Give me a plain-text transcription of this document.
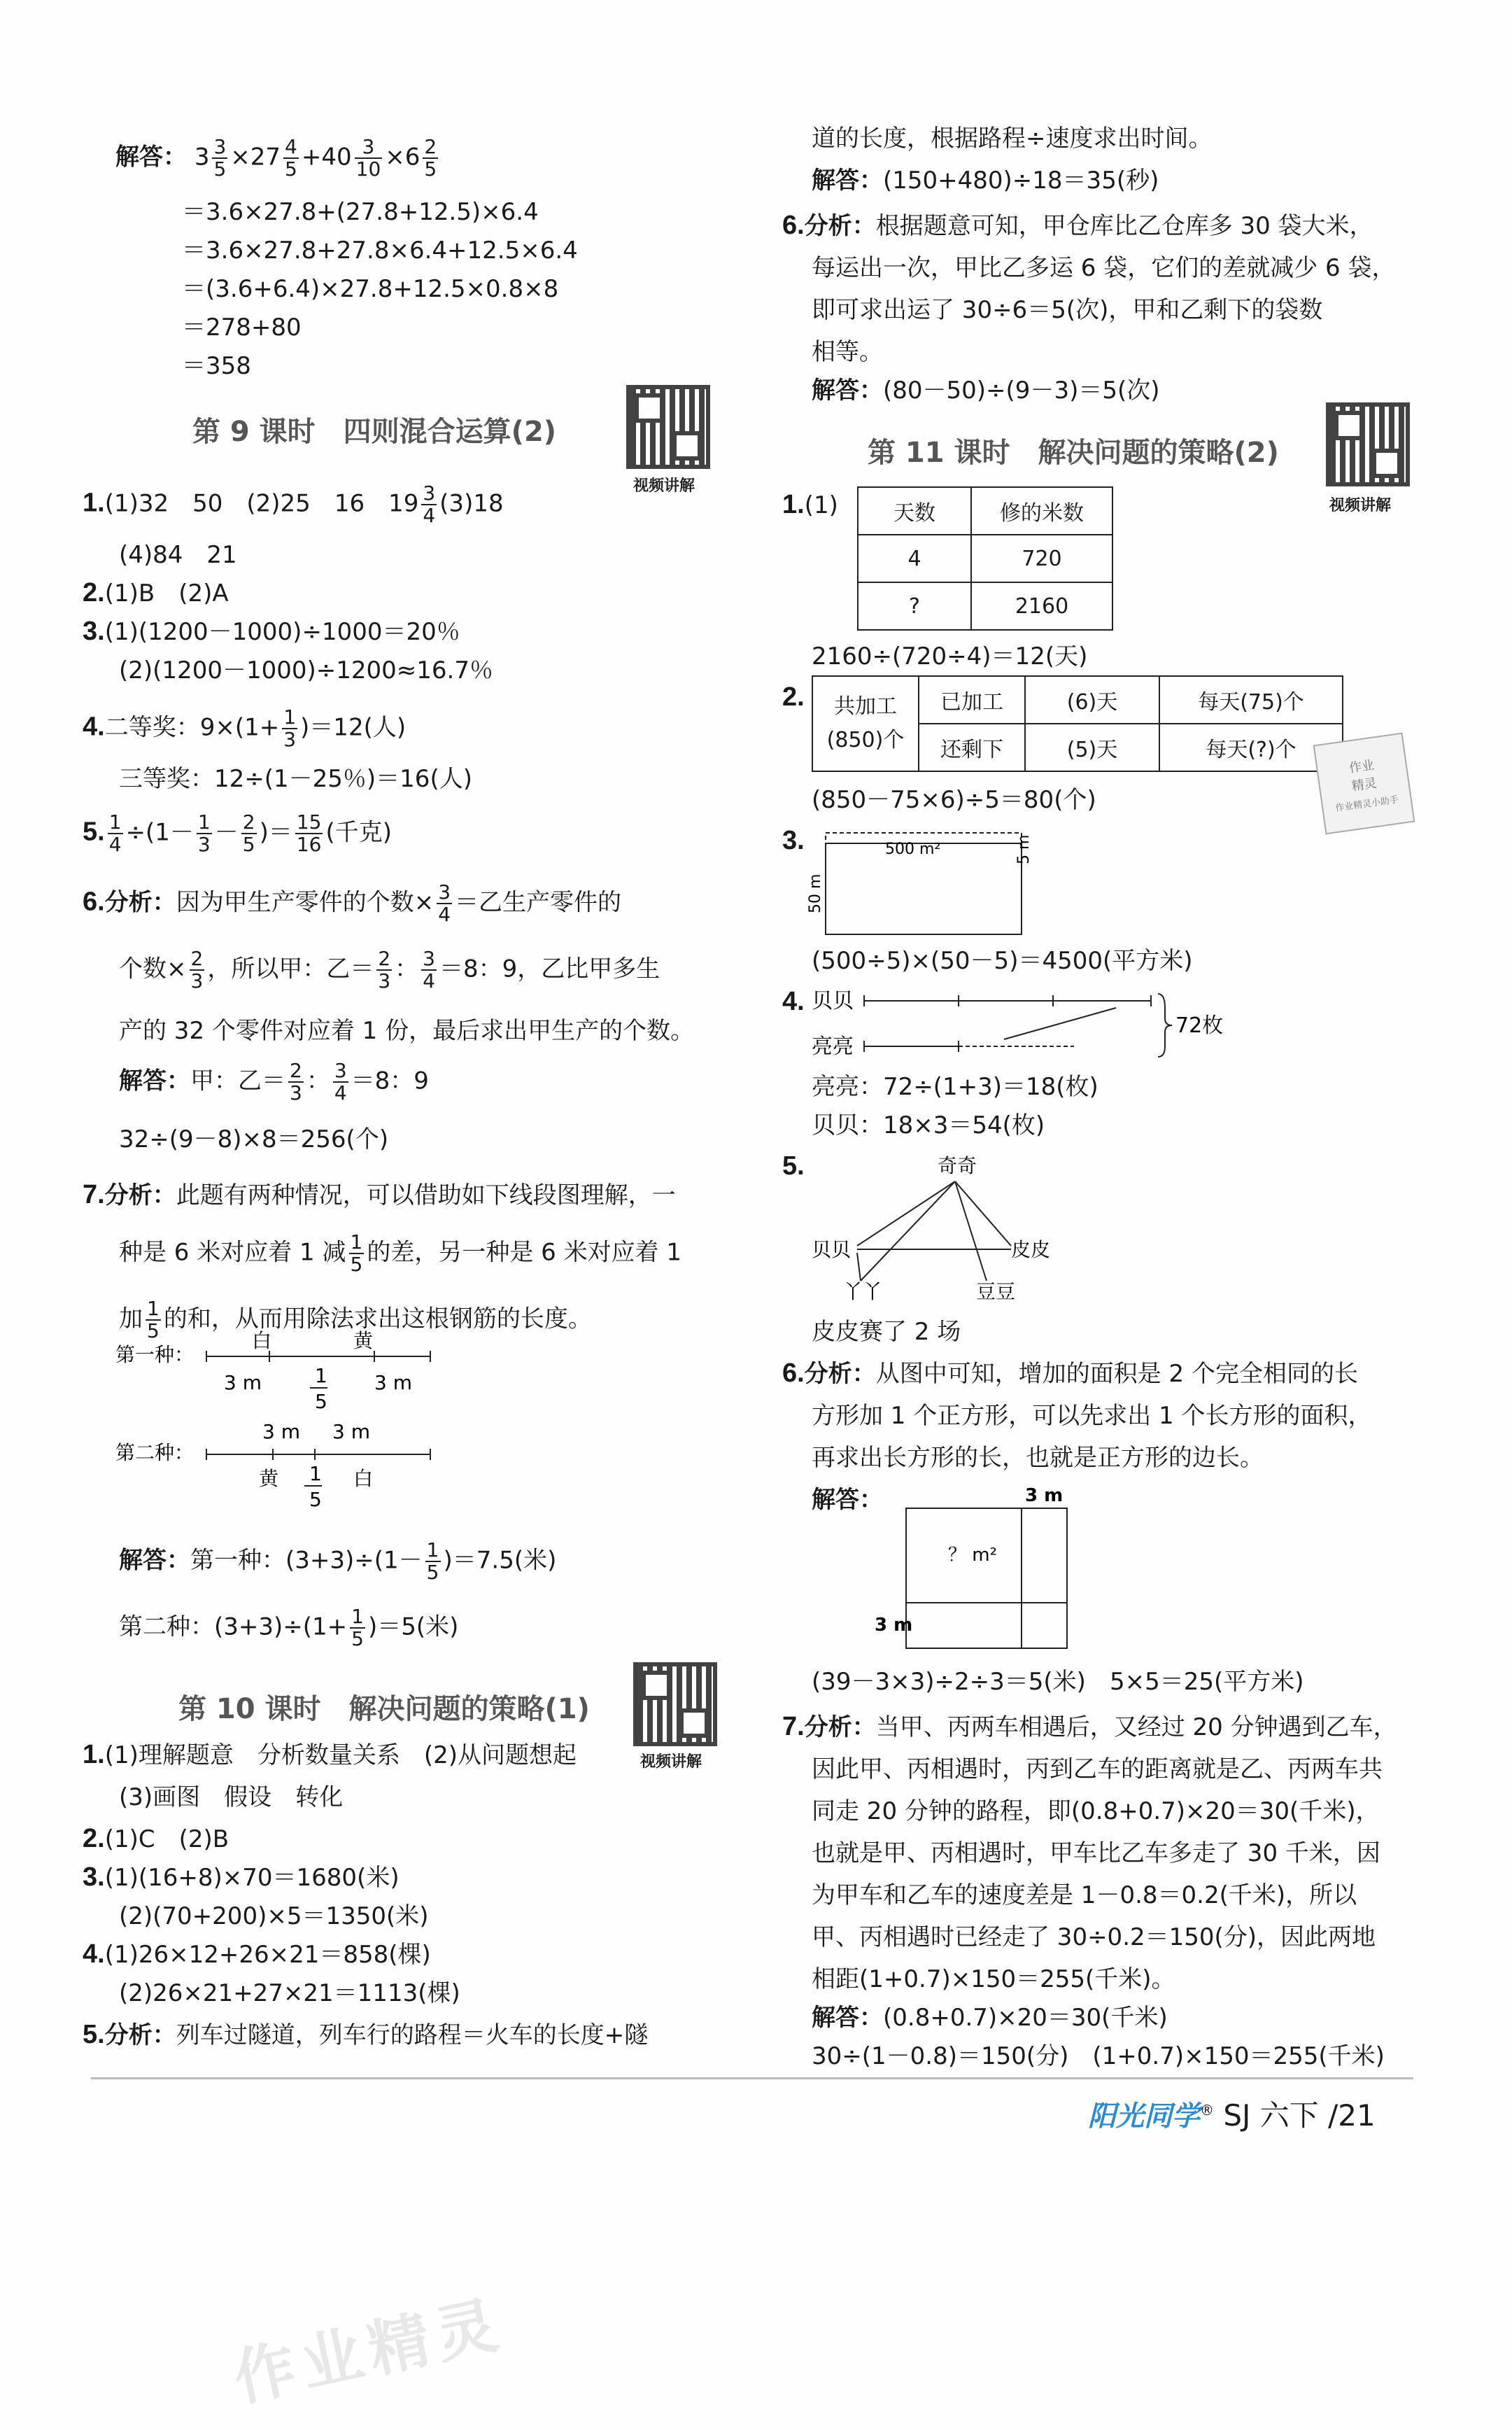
解答： $3 \frac{3}{5} \times 27 \frac{4}{5} +40 \frac{3}{10} \times 6 \frac{2}{5}$
＝3.6×27.8+(27.8+12.5)×6.4
＝3.6×27.8+27.8×6.4+12.5×6.4
＝(3.6+6.4)×27.8+12.5×0.8×8
＝278+80
＝358
第 9 课时　四则混合运算(2)
视频讲解
1.(1)32　50　(2)25　16　$19 \frac{3}{4} (3)18$
(4)84　21
2.(1)B　(2)A
3.(1)(1200－1000)÷1000＝20％
(2)(1200－1000)÷1200≈16.7％
4.二等奖：$9\times(1+ \frac{1}{3} )=12$(人)
三等奖：12÷(1－25％)＝16(人)
5. $\frac{1}{4} \div(1- \frac{1}{3} - \frac{2}{5}$ )＝ $\frac{15}{16}$ (千克)
6.分析：因为甲生产零件的个数× $\frac{3}{4}$ ＝乙生产零件的
个数× $\frac{2}{3}$ ，所以甲：乙＝ $\frac{2}{3}$ ： $\frac{3}{4} =8$：9，乙比甲多生
产的 32 个零件对应着 1 份，最后求出甲生产的个数。
解答：甲：乙＝ $\frac{2}{3}$ ： $\frac{3}{4} =8$：9
32÷(9－8)×8＝256(个)
7.分析：此题有两种情况，可以借助如下线段图理解，一
种是 6 米对应着 1 减 $\frac{1}{5}$ 的差，另一种是 6 米对应着 1
加 $\frac{1}{5}$ 的和，从而用除法求出这根钢筋的长度。
第一种：
白	黄
3 m	3 m
1
5
第二种：
3 m 3 m
黄	白
1
5
解答：第一种：$(3+3)\div(1- \frac{1}{5} )=7.5$(米)
第二种：$(3+3)\div(1+ \frac{1}{5} )=5$(米)
第 10 课时　解决问题的策略(1)
视频讲解
1.(1)理解题意　分析数量关系　(2)从问题想起
(3)画图　假设　转化
2.(1)C　(2)B
3.(1)(16+8)×70＝1680(米)
(2)(70+200)×5＝1350(米)
4.(1)26×12+26×21＝858(棵)
(2)26×21+27×21＝1113(棵)
5.分析：列车过隧道，列车行的路程＝火车的长度+隧
道的长度，根据路程÷速度求出时间。
解答：(150+480)÷18＝35(秒)
6.分析：根据题意可知，甲仓库比乙仓库多 30 袋大米，
每运出一次，甲比乙多运 6 袋，它们的差就减少 6 袋，
即可求出运了 30÷6＝5(次)，甲和乙剩下的袋数
相等。
解答：(80－50)÷(9－3)＝5(次)
第 11 课时　解决问题的策略(2)
视频讲解
1.(1)	天数	修的米数
4	720
?	2160
2160÷(720÷4)＝12(天)
2. 共加工
(850)个	已加工	(6)天	每天(75)个
	还剩下	(5)天	每天(?)个

作业
精灵
作业精灵小助手
(850－75×6)÷5＝80(个)
3.	500 m²
50 m
5 m
(500÷5)×(50－5)＝4500(平方米)
4. 贝贝
亮亮
72枚
亮亮：72÷(1+3)＝18(枚)
贝贝：18×3＝54(枚)
5.	奇奇
贝贝	皮皮
丫丫	豆豆
皮皮赛了 2 场
6.分析：从图中可知，增加的面积是 2 个完全相同的长
方形加 1 个正方形，可以先求出 1 个长方形的面积，
再求出长方形的长，也就是正方形的边长。
解答：	3 m
？ m²
3 m
(39－3×3)÷2÷3＝5(米)　5×5＝25(平方米)
7.分析：当甲、丙两车相遇后，又经过 20 分钟遇到乙车，
因此甲、丙相遇时，丙到乙车的距离就是乙、丙两车共
同走 20 分钟的路程，即(0.8+0.7)×20＝30(千米)，
也就是甲、丙相遇时，甲车比乙车多走了 30 千米，因
为甲车和乙车的速度差是 1－0.8＝0.2(千米)，所以
甲、丙相遇时已经走了 30÷0.2＝150(分)，因此两地
相距(1+0.7)×150＝255(千米)。
解答：(0.8+0.7)×20＝30(千米)
30÷(1－0.8)＝150(分)　(1+0.7)×150＝255(千米)
阳光同学® SJ 六下 /21
作业精灵
